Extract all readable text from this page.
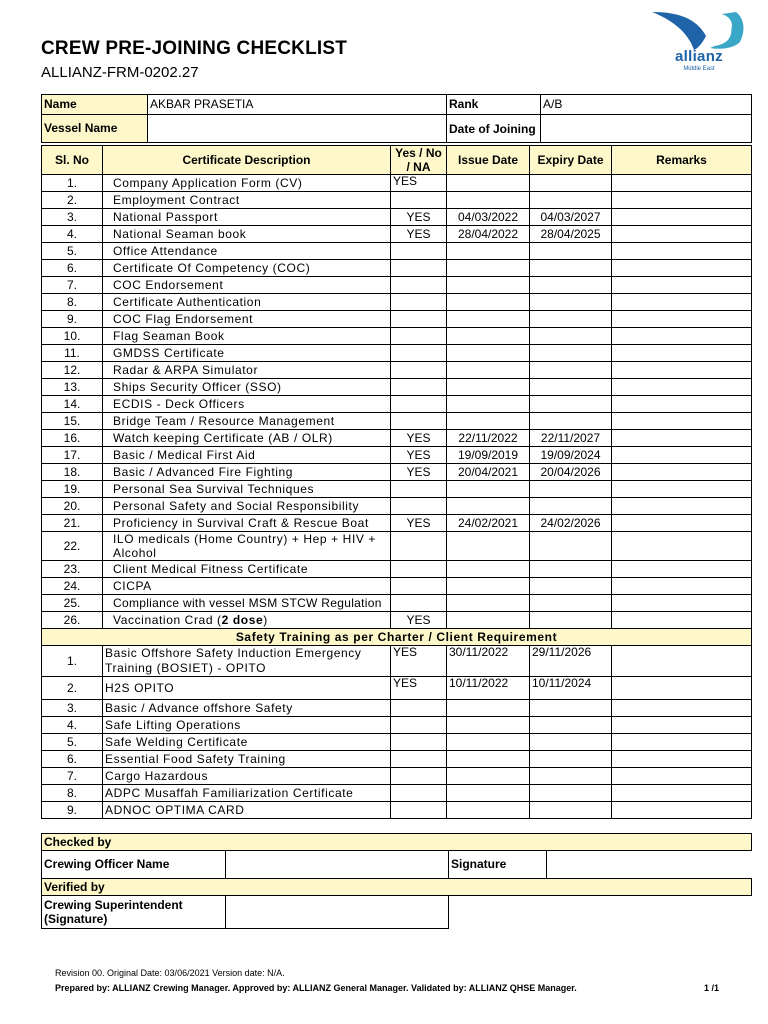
CREW PRE-JOINING CHECKLIST
ALLIANZ-FRM-0202.27
allianz
Middle East
Name	AKBAR PRASETIA	Rank	A/B
Vessel Name		Date of Joining	
Sl. No	Certificate Description	Yes / No / NA	Issue Date	Expiry Date	Remarks
1.	Company Application Form (CV)	YES			
2.	Employment Contract				
3.	National Passport	YES	04/03/2022	04/03/2027	
4.	National Seaman book	YES	28/04/2022	28/04/2025	
5.	Office Attendance				
6.	Certificate Of Competency (COC)				
7.	COC Endorsement				
8.	Certificate Authentication				
9.	COC Flag Endorsement				
10.	Flag Seaman Book				
11.	GMDSS Certificate				
12.	Radar & ARPA Simulator				
13.	Ships Security Officer (SSO)				
14.	ECDIS - Deck Officers				
15.	Bridge Team / Resource Management				
16.	Watch keeping Certificate (AB / OLR)	YES	22/11/2022	22/11/2027	
17.	Basic / Medical First Aid	YES	19/09/2019	19/09/2024	
18.	Basic / Advanced Fire Fighting	YES	20/04/2021	20/04/2026	
19.	Personal Sea Survival Techniques				
20.	Personal Safety and Social Responsibility				
21.	Proficiency in Survival Craft & Rescue Boat	YES	24/02/2021	24/02/2026	
22.	ILO medicals (Home Country) + Hep + HIV + Alcohol				
23.	Client Medical Fitness Certificate				
24.	CICPA				
25.	Compliance with vessel MSM STCW Regulation				
26.	Vaccination Crad (2 dose)	YES			
Safety Training as per Charter / Client Requirement					
1.	Basic Offshore Safety Induction Emergency Training (BOSIET) - OPITO	YES	30/11/2022	29/11/2026	
2.	H2S OPITO	YES	10/11/2022	10/11/2024	
3.	Basic / Advance offshore Safety				
4.	Safe Lifting Operations				
5.	Safe Welding Certificate				
6.	Essential Food Safety Training				
7.	Cargo Hazardous				
8.	ADPC Musaffah Familiarization Certificate				
9.	ADNOC OPTIMA CARD				
Checked by			
Crewing Officer Name		Signature	
Verified by			
Crewing Superintendent (Signature)			
Revision 00. Original Date: 03/06/2021 Version date: N/A.
Prepared by: ALLIANZ Crewing Manager. Approved by: ALLIANZ General Manager. Validated by: ALLIANZ QHSE Manager.	1 /1
